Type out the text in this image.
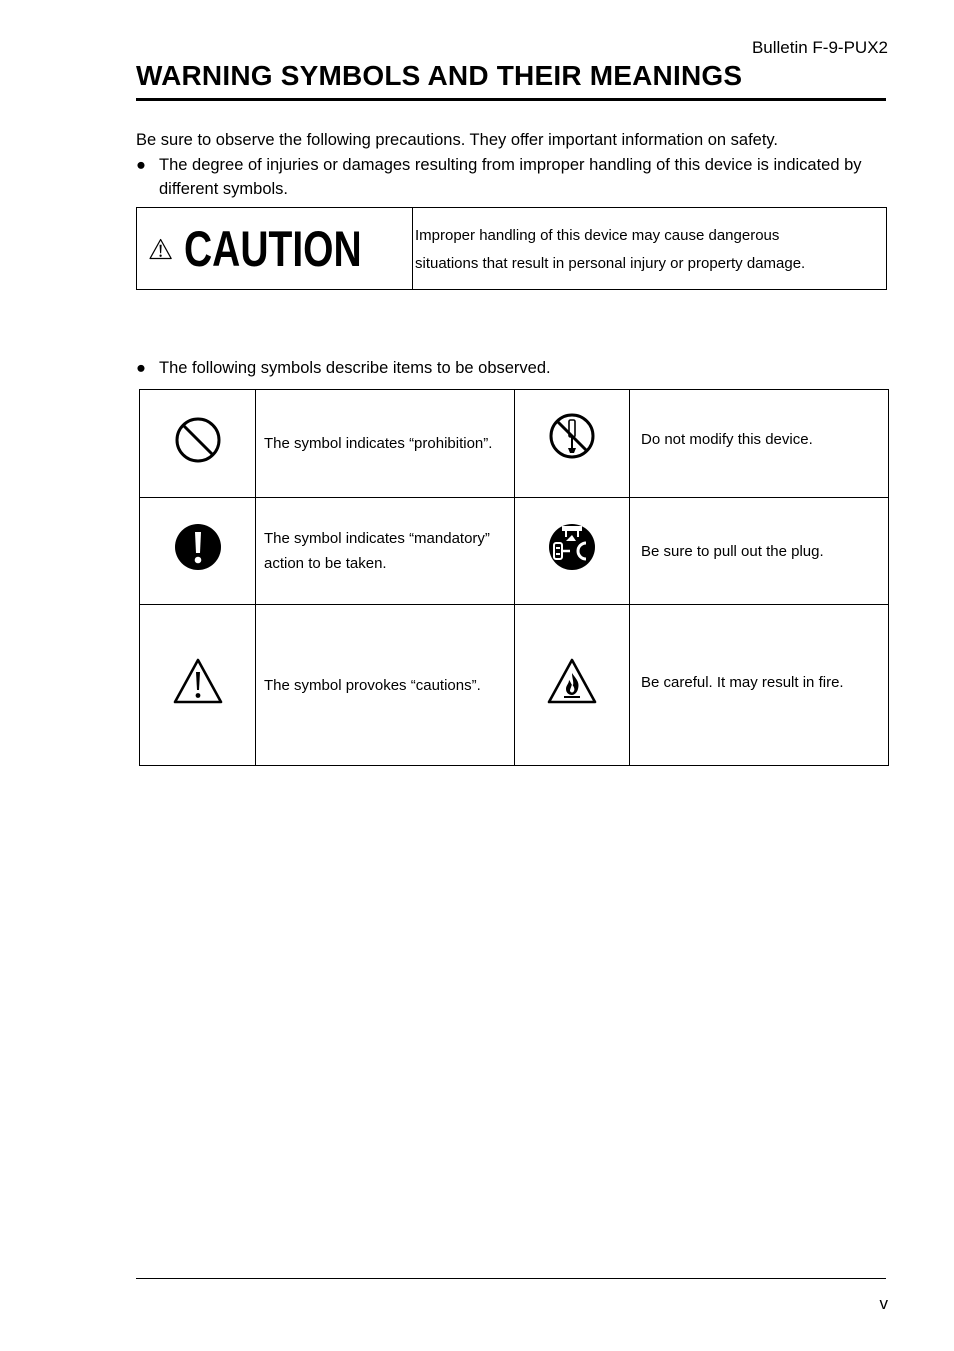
Bulletin F-9-PUX2
WARNING SYMBOLS AND THEIR MEANINGS
Be sure to observe the following precautions. They offer important information on safety.
● The degree of injuries or damages resulting from improper handling of this device is indicated by different symbols.
CAUTION	Improper handling of this device may cause dangerous
situations that result in personal injury or property damage.
● The following symbols describe items to be observed.
	The symbol indicates “prohibition”.		Do not modify this device.
	The symbol indicates “mandatory” action to be taken.		Be sure to pull out the plug.
	The symbol provokes “cautions”.		Be careful. It may result in fire.
v
